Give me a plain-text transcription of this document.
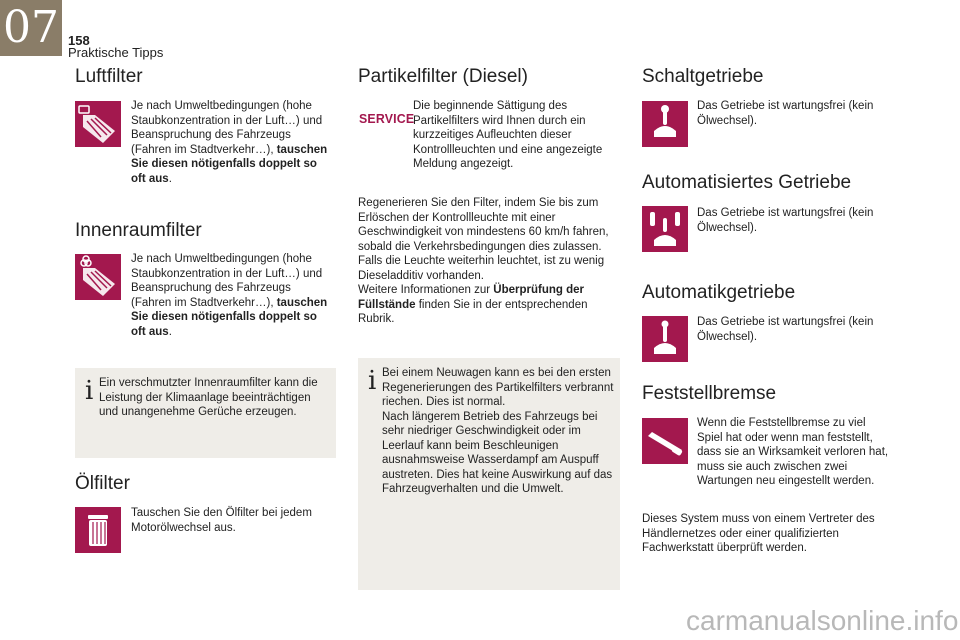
07 158
Praktische Tipps
Luftfilter
Je nach Umweltbedingungen (hohe Staubkonzentration in der Luft…) und Beanspruchung des Fahrzeugs (Fahren im Stadtverkehr…), tauschen Sie diesen nötigenfalls doppelt so oft aus.
Innenraumfilter
Je nach Umweltbedingungen (hohe Staubkonzentration in der Luft…) und Beanspruchung des Fahrzeugs (Fahren im Stadtverkehr…), tauschen Sie diesen nötigenfalls doppelt so oft aus.
i Ein verschmutzter Innenraumfilter kann die Leistung der Klimaanlage beeinträchtigen und unangenehme Gerüche erzeugen.
Ölfilter
Tauschen Sie den Ölfilter bei jedem Motorölwechsel aus.
Partikelfilter (Diesel)
SERVICE
Die beginnende Sättigung des Partikelfilters wird Ihnen durch ein kurzzeitiges Aufleuchten dieser Kontrollleuchten und eine angezeigte Meldung angezeigt.
Regenerieren Sie den Filter, indem Sie bis zum Erlöschen der Kontrollleuchte mit einer Geschwindigkeit von mindestens 60 km/h fahren, sobald die Verkehrsbedingungen dies zulassen.
Falls die Leuchte weiterhin leuchtet, ist zu wenig Dieseladditiv vorhanden.
Weitere Informationen zur Überprüfung der Füllstände finden Sie in der entsprechenden Rubrik.
i Bei einem Neuwagen kann es bei den ersten Regenerierungen des Partikelfilters verbrannt riechen. Dies ist normal.
Nach längerem Betrieb des Fahrzeugs bei sehr niedriger Geschwindigkeit oder im Leerlauf kann beim Beschleunigen ausnahmsweise Wasserdampf am Auspuff austreten. Dies hat keine Auswirkung auf das Fahrzeugverhalten und die Umwelt.
Schaltgetriebe
Das Getriebe ist wartungsfrei (kein Ölwechsel).
Automatisiertes Getriebe
Das Getriebe ist wartungsfrei (kein Ölwechsel).
Automatikgetriebe
Das Getriebe ist wartungsfrei (kein Ölwechsel).
Feststellbremse
Wenn die Feststellbremse zu viel Spiel hat oder wenn man feststellt, dass sie an Wirksamkeit verloren hat, muss sie auch zwischen zwei Wartungen neu eingestellt werden.
Dieses System muss von einem Vertreter des Händlernetzes oder einer qualifizierten Fachwerkstatt überprüft werden.
carmanualsonline.info
